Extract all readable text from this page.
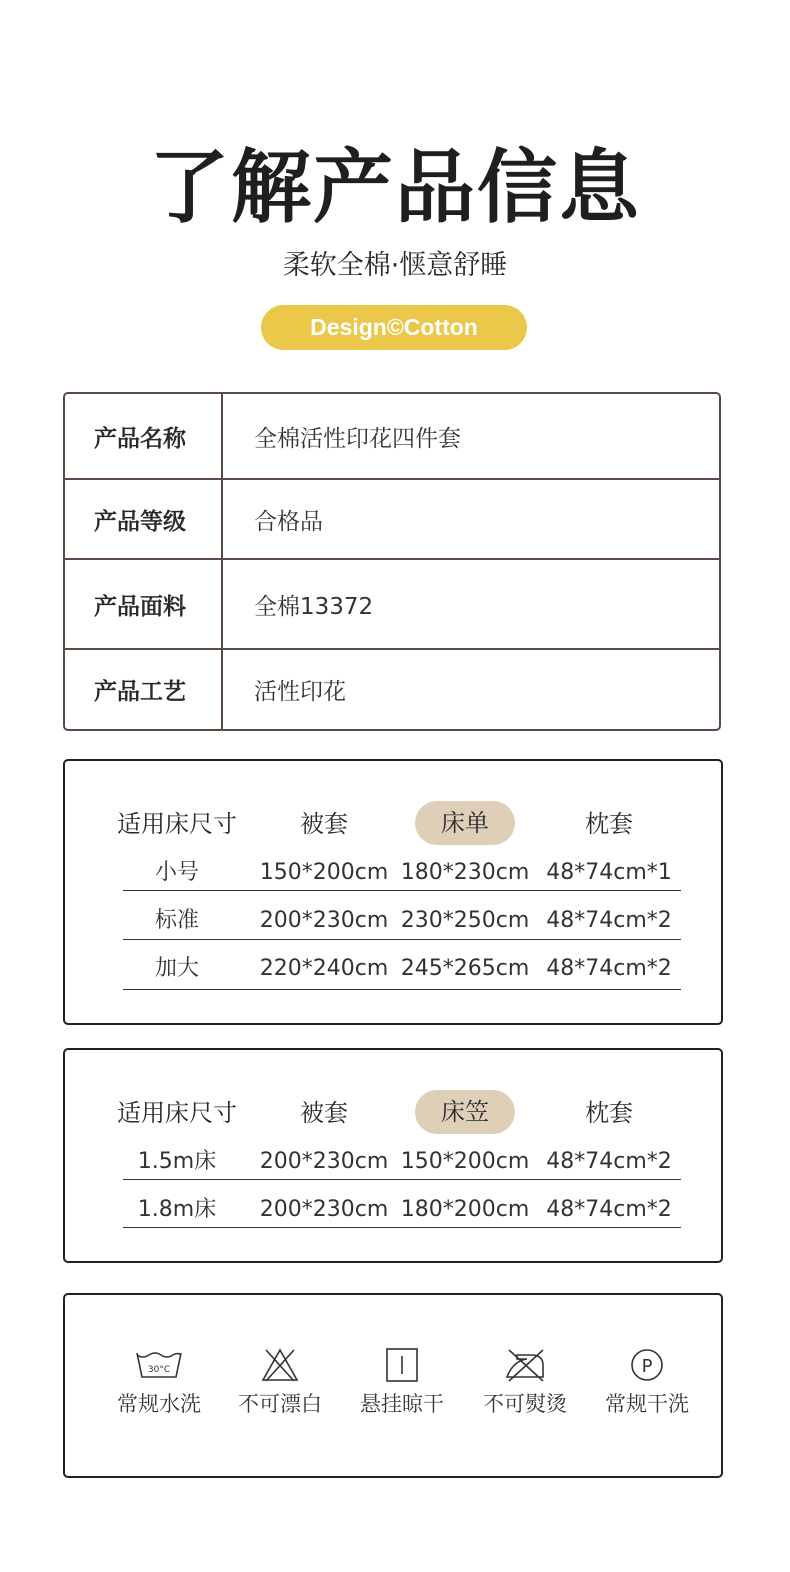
了解产品信息
柔软全棉·惬意舒睡
Design©Cotton
产品名称	全棉活性印花四件套
产品等级	合格品
产品面料	全棉13372
产品工艺	活性印花
适用床尺寸	被套	床单	枕套
小号	150*200cm 180*230cm 48*74cm*1
标准	200*230cm 230*250cm 48*74cm*2
加大	220*240cm 245*265cm 48*74cm*2
适用床尺寸	被套	床笠	枕套
1.5m床	200*230cm 150*200cm 48*74cm*2
1.8m床	200*230cm 180*200cm 48*74cm*2
30°C
常规水洗	不可漂白	悬挂晾干	不可熨烫
P
常规干洗
